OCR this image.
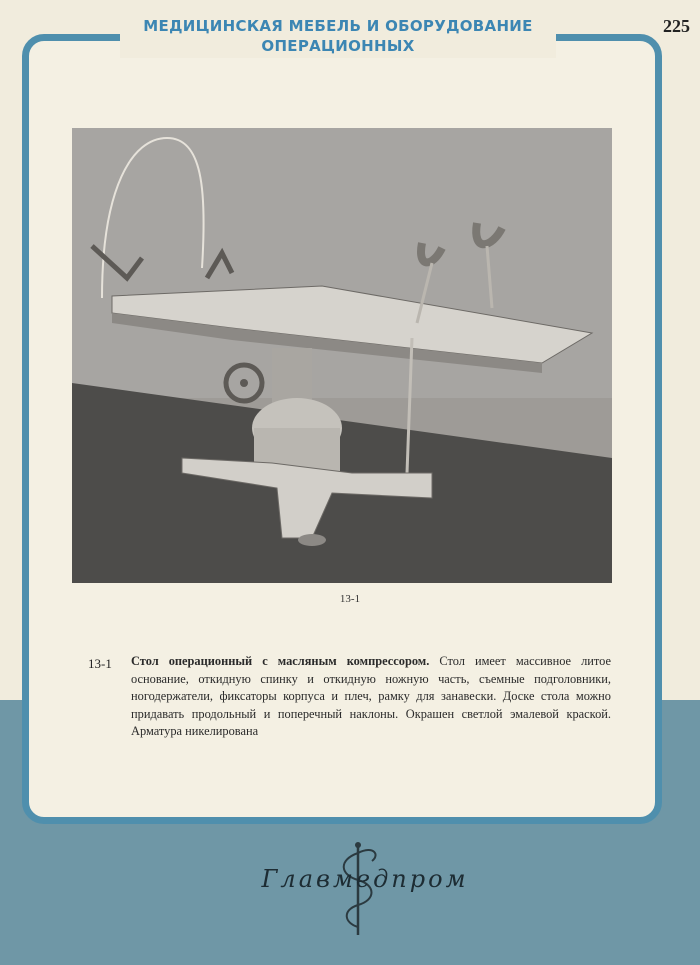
МЕДИЦИНСКАЯ МЕБЕЛЬ И ОБОРУДОВАНИЕ
ОПЕРАЦИОННЫХ
225
13-1
13-1 Стол операционный с масляным компрессором. Стол имеет массивное литое основание, откидную спинку и откидную ножную часть, съемные подголовники, ногодержатели, фиксаторы корпуса и плеч, рамку для занавески. Доске стола можно придавать продольный и поперечный наклоны. Окрашен светлой эмалевой краской. Арматура никелирована
Главмедпром
